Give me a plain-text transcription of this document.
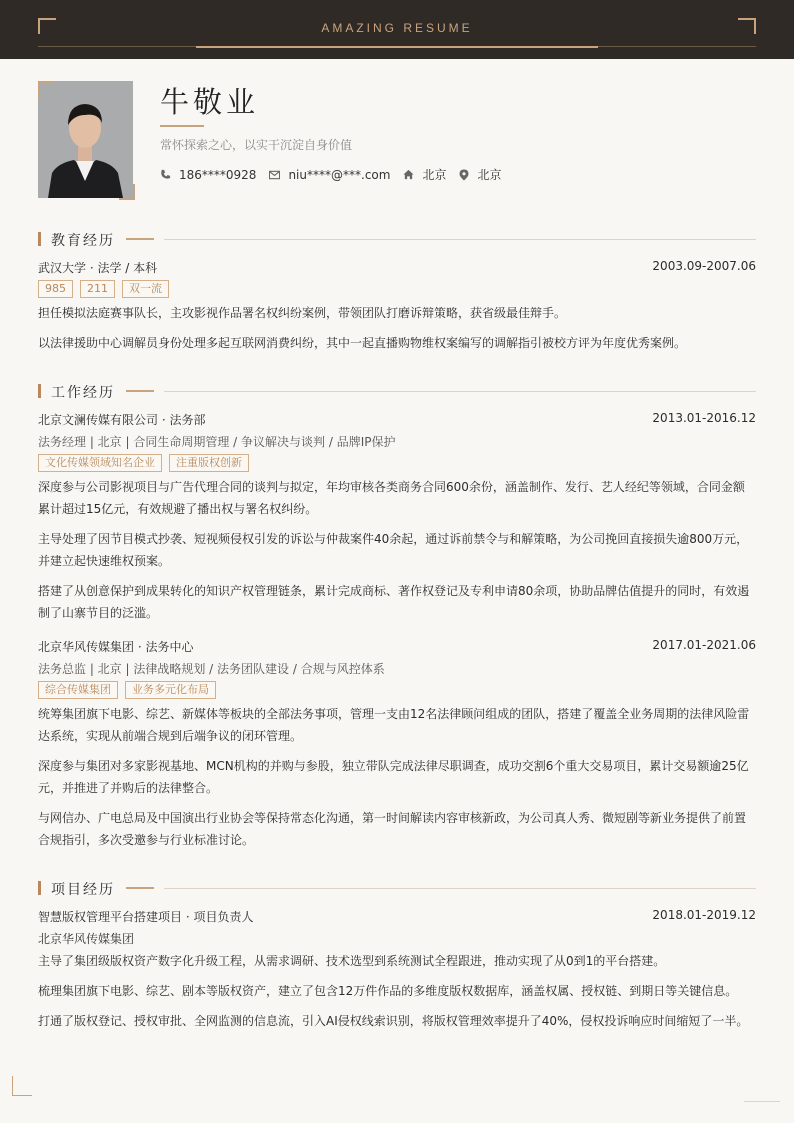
AMAZING RESUME
牛敬业
常怀探索之心，以实干沉淀自身价值
186****0928	niu****@***.com	北京	北京
教育经历
武汉大学 · 法学 / 本科	2003.09-2007.06
985	211	双一流
担任模拟法庭赛事队长，主攻影视作品署名权纠纷案例，带领团队打磨诉辩策略，获省级最佳辩手。
以法律援助中心调解员身份处理多起互联网消费纠纷，其中一起直播购物维权案编写的调解指引被校方评为年度优秀案例。
工作经历
北京文澜传媒有限公司 · 法务部	2013.01-2016.12
法务经理 | 北京 | 合同生命周期管理 / 争议解决与谈判 / 品牌IP保护
文化传媒领域知名企业	注重版权创新
深度参与公司影视项目与广告代理合同的谈判与拟定，年均审核各类商务合同600余份，涵盖制作、发行、艺人经纪等领域，合同金额累计超过15亿元，有效规避了播出权与署名权纠纷。
主导处理了因节目模式抄袭、短视频侵权引发的诉讼与仲裁案件40余起，通过诉前禁令与和解策略，为公司挽回直接损失逾800万元，并建立起快速维权预案。
搭建了从创意保护到成果转化的知识产权管理链条，累计完成商标、著作权登记及专利申请80余项，协助品牌估值提升的同时，有效遏制了山寨节目的泛滥。
北京华风传媒集团 · 法务中心	2017.01-2021.06
法务总监 | 北京 | 法律战略规划 / 法务团队建设 / 合规与风控体系
综合传媒集团	业务多元化布局
统筹集团旗下电影、综艺、新媒体等板块的全部法务事项，管理一支由12名法律顾问组成的团队，搭建了覆盖全业务周期的法律风险雷达系统，实现从前端合规到后端争议的闭环管理。
深度参与集团对多家影视基地、MCN机构的并购与参股，独立带队完成法律尽职调查，成功交割6个重大交易项目，累计交易额逾25亿元，并推进了并购后的法律整合。
与网信办、广电总局及中国演出行业协会等保持常态化沟通，第一时间解读内容审核新政，为公司真人秀、微短剧等新业务提供了前置合规指引，多次受邀参与行业标准讨论。
项目经历
智慧版权管理平台搭建项目 · 项目负责人	2018.01-2019.12
北京华风传媒集团
主导了集团级版权资产数字化升级工程，从需求调研、技术选型到系统测试全程跟进，推动实现了从0到1的平台搭建。
梳理集团旗下电影、综艺、剧本等版权资产，建立了包含12万件作品的多维度版权数据库，涵盖权属、授权链、到期日等关键信息。
打通了版权登记、授权审批、全网监测的信息流，引入AI侵权线索识别，将版权管理效率提升了40%，侵权投诉响应时间缩短了一半。
